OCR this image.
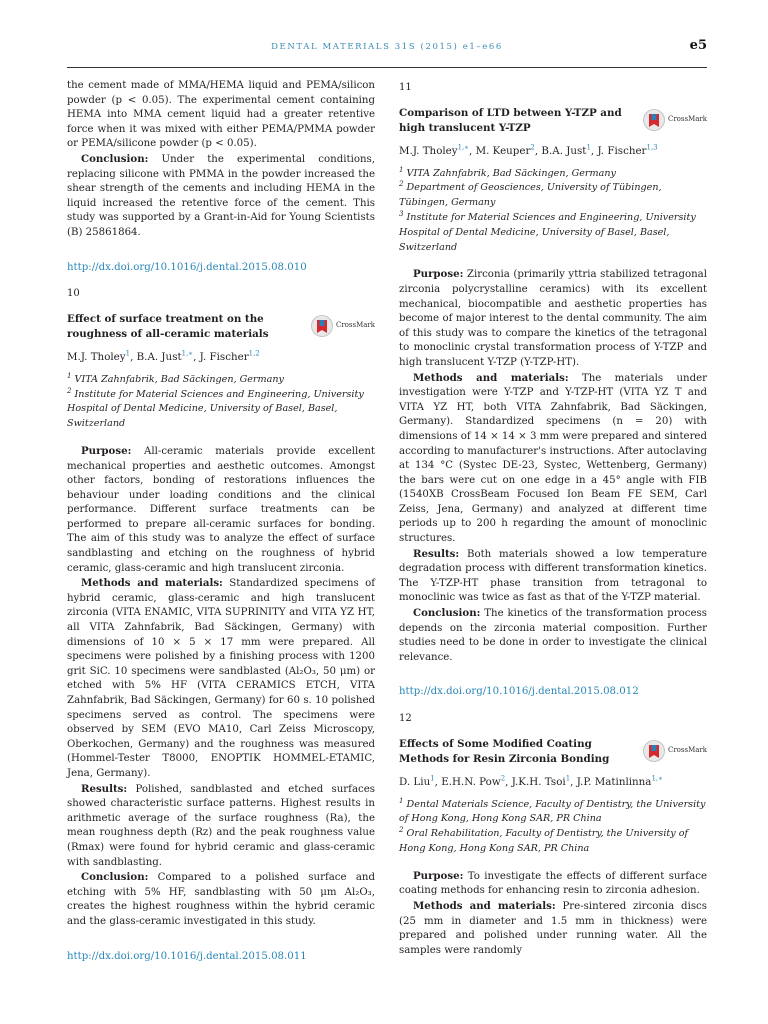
DENTAL MATERIALS 31S (2015) e1–e66	e5

the cement made of MMA/HEMA liquid and PEMA/silicon powder (p < 0.05). The experimental cement containing HEMA into MMA cement liquid had a greater retentive force when it was mixed with either PEMA/PMMA powder or PEMA/silicone powder (p < 0.05).

Conclusion: Under the experimental conditions, replacing silicone with PMMA in the powder increased the shear strength of the cements and including HEMA in the liquid increased the retentive force of the cement. This study was supported by a Grant-in-Aid for Young Scientists (B) 25861864.

http://dx.doi.org/10.1016/j.dental.2015.08.010
10
Effect of surface treatment on the roughness of all-ceramic materials
CrossMark
M.J. Tholey$^1$, B.A. Just$^{1,∗}$, J. Fischer$^{1,2}$
$^1$ VITA Zahnfabrik, Bad Säckingen, Germany
$^2$ Institute for Material Sciences and Engineering, University Hospital of Dental Medicine, University of Basel, Basel, Switzerland

Purpose: All-ceramic materials provide excellent mechanical properties and aesthetic outcomes. Amongst other factors, bonding of restorations influences the behaviour under loading conditions and the clinical performance. Different surface treatments can be performed to prepare all-ceramic surfaces for bonding. The aim of this study was to analyze the effect of surface sandblasting and etching on the roughness of hybrid ceramic, glass-ceramic and high translucent zirconia.

Methods and materials: Standardized specimens of hybrid ceramic, glass-ceramic and high translucent zirconia (VITA ENAMIC, VITA SUPRINITY and VITA YZ HT, all VITA Zahnfabrik, Bad Säckingen, Germany) with dimensions of 10 × 5 × 17 mm were prepared. All specimens were polished by a finishing process with 1200 grit SiC. 10 specimens were sandblasted (Al₂O₃, 50 μm) or etched with 5% HF (VITA CERAMICS ETCH, VITA Zahnfabrik, Bad Säckingen, Germany) for 60 s. 10 polished specimens served as control. The specimens were observed by SEM (EVO MA10, Carl Zeiss Microscopy, Oberkochen, Germany) and the roughness was measured (Hommel-Tester T8000, ENOPTIK HOMMEL-ETAMIC, Jena, Germany).

Results: Polished, sandblasted and etched surfaces showed characteristic surface patterns. Highest results in arithmetic average of the surface roughness (Ra), the mean roughness depth (Rz) and the peak roughness value (Rmax) were found for hybrid ceramic and glass-ceramic with sandblasting.

Conclusion: Compared to a polished surface and etching with 5% HF, sandblasting with 50 μm Al₂O₃, creates the highest roughness within the hybrid ceramic and the glass-ceramic investigated in this study.

http://dx.doi.org/10.1016/j.dental.2015.08.011
11
Comparison of LTD between Y-TZP and high translucent Y-TZP
CrossMark
M.J. Tholey$^{1,∗}$, M. Keuper$^2$, B.A. Just$^1$, J. Fischer$^{1,3}$
$^1$ VITA Zahnfabrik, Bad Säckingen, Germany
$^2$ Department of Geosciences, University of Tübingen, Tübingen, Germany
$^3$ Institute for Material Sciences and Engineering, University Hospital of Dental Medicine, University of Basel, Basel, Switzerland

Purpose: Zirconia (primarily yttria stabilized tetragonal zirconia polycrystalline ceramics) with its excellent mechanical, biocompatible and aesthetic properties has become of major interest to the dental community. The aim of this study was to compare the kinetics of the tetragonal to monoclinic crystal transformation process of Y-TZP and high translucent Y-TZP (Y-TZP-HT).

Methods and materials: The materials under investigation were Y-TZP and Y-TZP-HT (VITA YZ T and VITA YZ HT, both VITA Zahnfabrik, Bad Säckingen, Germany). Standardized specimens (n = 20) with dimensions of 14 × 14 × 3 mm were prepared and sintered according to manufacturer's instructions. After autoclaving at 134 °C (Systec DE-23, Systec, Wettenberg, Germany) the bars were cut on one edge in a 45° angle with FIB (1540XB CrossBeam Focused Ion Beam FE SEM, Carl Zeiss, Jena, Germany) and analyzed at different time periods up to 200 h regarding the amount of monoclinic structures.

Results: Both materials showed a low temperature degradation process with different transformation kinetics. The Y-TZP-HT phase transition from tetragonal to monoclinic was twice as fast as that of the Y-TZP material.

Conclusion: The kinetics of the transformation process depends on the zirconia material composition. Further studies need to be done in order to investigate the clinical relevance.

http://dx.doi.org/10.1016/j.dental.2015.08.012
12
Effects of Some Modified Coating Methods for Resin Zirconia Bonding
CrossMark
D. Liu$^1$, E.H.N. Pow$^2$, J.K.H. Tsoi$^1$, J.P. Matinlinna$^{1,∗}$
$^1$ Dental Materials Science, Faculty of Dentistry, the University of Hong Kong, Hong Kong SAR, PR China
$^2$ Oral Rehabilitation, Faculty of Dentistry, the University of Hong Kong, Hong Kong SAR, PR China

Purpose: To investigate the effects of different surface coating methods for enhancing resin to zirconia adhesion.

Methods and materials: Pre-sintered zirconia discs (25 mm in diameter and 1.5 mm in thickness) were prepared and polished under running water. All the samples were randomly
